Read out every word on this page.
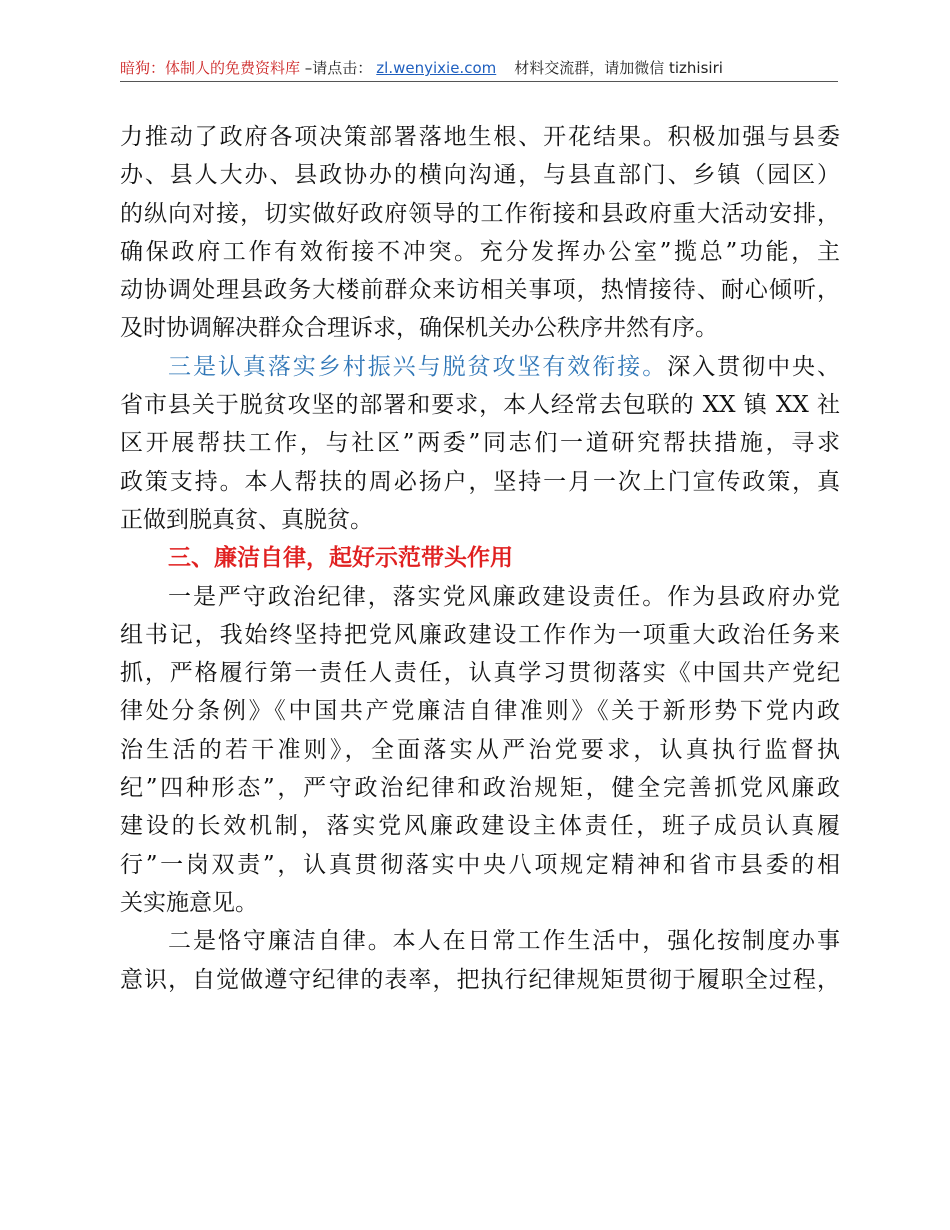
暗狗：体制人的免费资料库 –请点击： zl.wenyixie.com 材料交流群，请加微信 tizhisiri
力推动了政府各项决策部署落地生根、开花结果。积极加强与县委
办、县人大办、县政协办的横向沟通，与县直部门、乡镇（园区）
的纵向对接，切实做好政府领导的工作衔接和县政府重大活动安排，
确保政府工作有效衔接不冲突。充分发挥办公室”揽总”功能，主
动协调处理县政务大楼前群众来访相关事项，热情接待、耐心倾听，
及时协调解决群众合理诉求，确保机关办公秩序井然有序。
三是认真落实乡村振兴与脱贫攻坚有效衔接。深入贯彻中央、
省市县关于脱贫攻坚的部署和要求，本人经常去包联的 XX 镇 XX 社
区开展帮扶工作，与社区”两委”同志们一道研究帮扶措施，寻求
政策支持。本人帮扶的周必扬户，坚持一月一次上门宣传政策，真
正做到脱真贫、真脱贫。
三、廉洁自律，起好示范带头作用
一是严守政治纪律，落实党风廉政建设责任。作为县政府办党
组书记，我始终坚持把党风廉政建设工作作为一项重大政治任务来
抓，严格履行第一责任人责任，认真学习贯彻落实《中国共产党纪
律处分条例》《中国共产党廉洁自律准则》《关于新形势下党内政
治生活的若干准则》，全面落实从严治党要求，认真执行监督执
纪”四种形态”，严守政治纪律和政治规矩，健全完善抓党风廉政
建设的长效机制，落实党风廉政建设主体责任，班子成员认真履
行”一岗双责”，认真贯彻落实中央八项规定精神和省市县委的相
关实施意见。
二是恪守廉洁自律。本人在日常工作生活中，强化按制度办事
意识，自觉做遵守纪律的表率，把执行纪律规矩贯彻于履职全过程，
